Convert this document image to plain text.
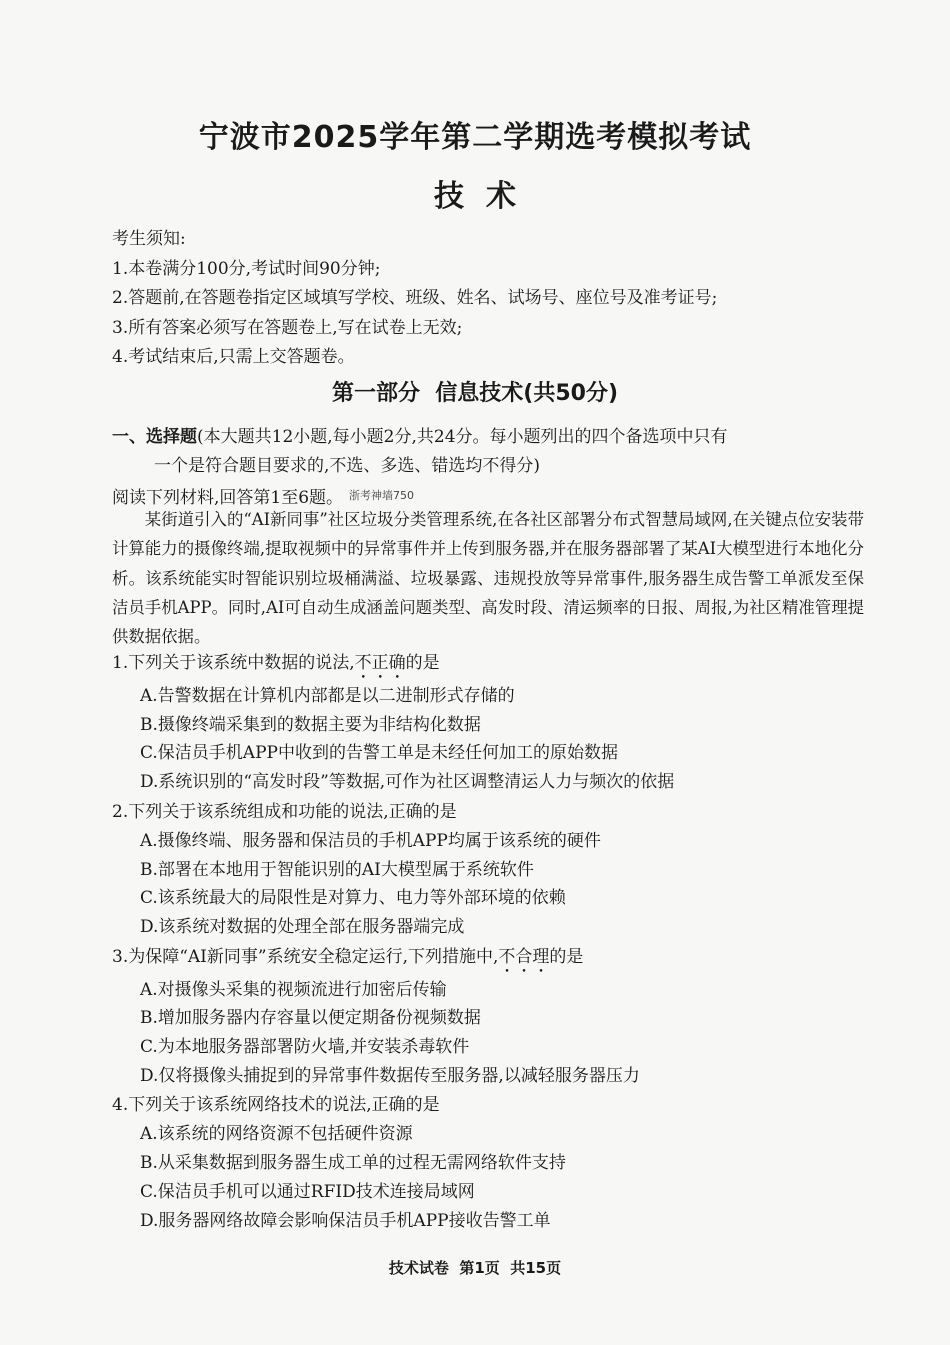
宁波市2025学年第二学期选考模拟考试
技术
考生须知:
1.本卷满分100分,考试时间90分钟;
2.答题前,在答题卷指定区域填写学校、班级、姓名、试场号、座位号及准考证号;
3.所有答案必须写在答题卷上,写在试卷上无效;
4.考试结束后,只需上交答题卷。
第一部分  信息技术(共50分)
一、选择题(本大题共12小题,每小题2分,共24分。每小题列出的四个备选项中只有
一个是符合题目要求的,不选、多选、错选均不得分)
阅读下列材料,回答第1至6题。 $^{浙考神墙750}$

某街道引入的“AI新同事”社区垃圾分类管理系统,在各社区部署分布式智慧局域网,在关键点位安装带计算能力的摄像终端,提取视频中的异常事件并上传到服务器,并在服务器部署了某AI大模型进行本地化分析。该系统能实时智能识别垃圾桶满溢、垃圾暴露、违规投放等异常事件,服务器生成告警工单派发至保洁员手机APP。同时,AI可自动生成涵盖问题类型、高发时段、清运频率的日报、周报,为社区精准管理提供数据依据。

1.下列关于该系统中数据的说法,不正确的是
A.告警数据在计算机内部都是以二进制形式存储的
B.摄像终端采集到的数据主要为非结构化数据
C.保洁员手机APP中收到的告警工单是未经任何加工的原始数据
D.系统识别的“高发时段”等数据,可作为社区调整清运人力与频次的依据
2.下列关于该系统组成和功能的说法,正确的是
A.摄像终端、服务器和保洁员的手机APP均属于该系统的硬件
B.部署在本地用于智能识别的AI大模型属于系统软件
C.该系统最大的局限性是对算力、电力等外部环境的依赖
D.该系统对数据的处理全部在服务器端完成
3.为保障“AI新同事”系统安全稳定运行,下列措施中,不合理的是
A.对摄像头采集的视频流进行加密后传输
B.增加服务器内存容量以便定期备份视频数据
C.为本地服务器部署防火墙,并安装杀毒软件
D.仅将摄像头捕捉到的异常事件数据传至服务器,以减轻服务器压力
4.下列关于该系统网络技术的说法,正确的是
A.该系统的网络资源不包括硬件资源
B.从采集数据到服务器生成工单的过程无需网络软件支持
C.保洁员手机可以通过RFID技术连接局域网
D.服务器网络故障会影响保洁员手机APP接收告警工单
技术试卷  第1页  共15页
